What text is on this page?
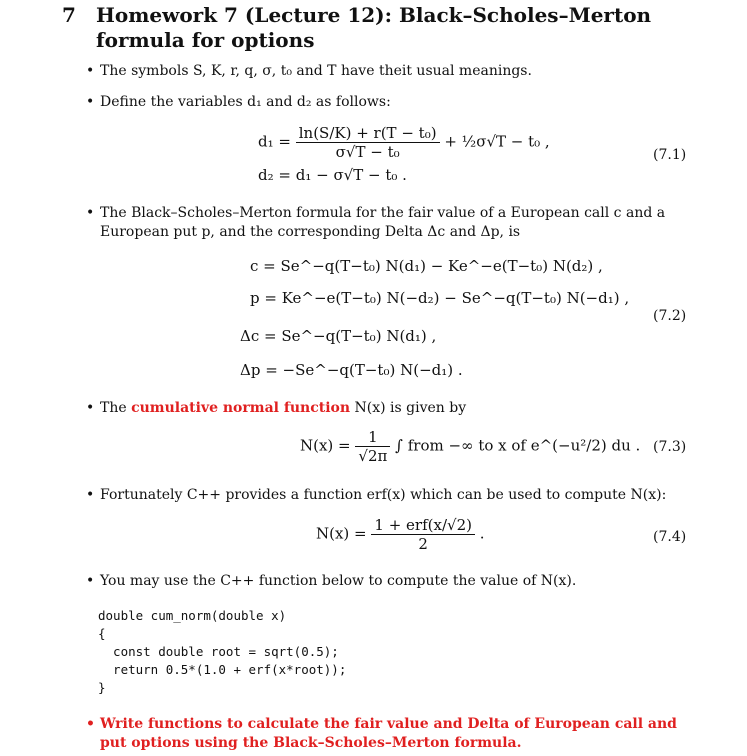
7 Homework 7 (Lecture 12): Black–Scholes–Merton formula for options
• The symbols S, K, r, q, σ, t₀ and T have theit usual meanings.
• Define the variables d₁ and d₂ as follows:
$d_1 = \frac{\text{ln(S/K) + r(T − t₀)}}{\text{σ√T − t₀}}$ + ½σ√T − t₀ ,
d₂ = d₁ − σ√T − t₀ .
(7.1)
• The Black–Scholes–Merton formula for the fair value of a European call c and a European put p, and the corresponding Delta Δc and Δp, is
c = Se^−q(T−t₀) N(d₁) − Ke^−e(T−t₀) N(d₂) ,
p = Ke^−e(T−t₀) N(−d₂) − Se^−q(T−t₀) N(−d₁) ,
Δc = Se^−q(T−t₀) N(d₁) ,
Δp = −Se^−q(T−t₀) N(−d₁) .
(7.2)
• The cumulative normal function N(x) is given by
$N(x) = \frac{1}{√2\pi}$ ∫ from −∞ to x of e^(−u²/2) du . (7.3)
• Fortunately C++ provides a function erf(x) which can be used to compute N(x):
$N(x) = \frac{\text{1 + erf(x/√2)}}{2}$ .	(7.4)
• You may use the C++ function below to compute the value of N(x).
double cum_norm(double x)
{
const double root = sqrt(0.5);
return 0.5*(1.0 + erf(x*root));
}
• Write functions to calculate the fair value and Delta of European call and put options using the Black–Scholes–Merton formula.
